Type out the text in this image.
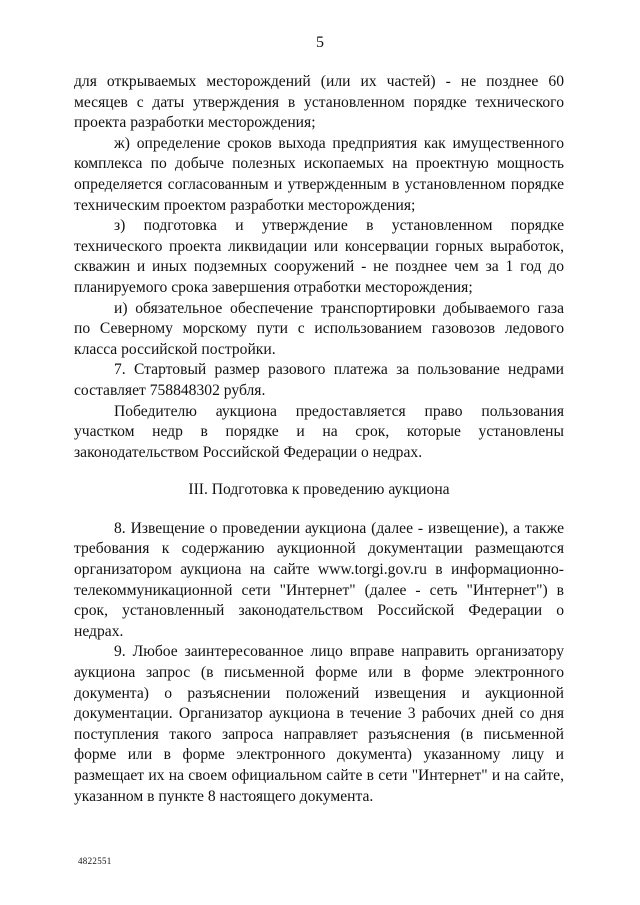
5

для открываемых месторождений (или их частей) - не позднее 60 месяцев с даты утверждения в установленном порядке технического проекта разработки месторождения;

ж) определение сроков выхода предприятия как имущественного комплекса по добыче полезных ископаемых на проектную мощность определяется согласованным и утвержденным в установленном порядке техническим проектом разработки месторождения;

з) подготовка и утверждение в установленном порядке технического проекта ликвидации или консервации горных выработок, скважин и иных подземных сооружений - не позднее чем за 1 год до планируемого срока завершения отработки месторождения;

и) обязательное обеспечение транспортировки добываемого газа по Северному морскому пути с использованием газовозов ледового класса российской постройки.

7. Стартовый размер разового платежа за пользование недрами составляет 758848302 рубля.

Победителю аукциона предоставляется право пользования участком недр в порядке и на срок, которые установлены законодательством Российской Федерации о недрах.

III. Подготовка к проведению аукциона

8. Извещение о проведении аукциона (далее - извещение), а также требования к содержанию аукционной документации размещаются организатором аукциона на сайте www.torgi.gov.ru в информационно-телекоммуникационной сети "Интернет" (далее - сеть "Интернет") в срок, установленный законодательством Российской Федерации о недрах.

9. Любое заинтересованное лицо вправе направить организатору аукциона запрос (в письменной форме или в форме электронного документа) о разъяснении положений извещения и аукционной документации. Организатор аукциона в течение 3 рабочих дней со дня поступления такого запроса направляет разъяснения (в письменной форме или в форме электронного документа) указанному лицу и размещает их на своем официальном сайте в сети "Интернет" и на сайте, указанном в пункте 8 настоящего документа.

4822551
